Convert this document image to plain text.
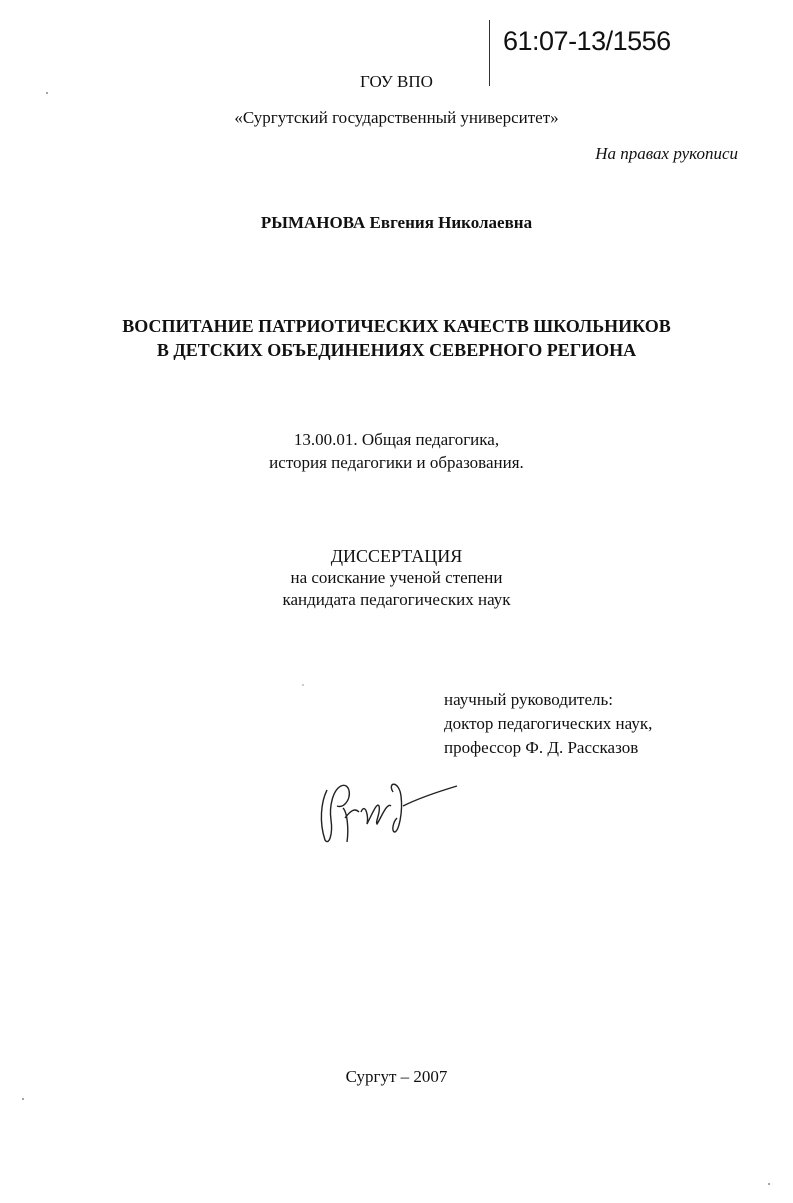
61:07-13/1556
ГОУ ВПО
«Сургутский государственный университет»
На правах рукописи
РЫМАНОВА Евгения Николаевна
ВОСПИТАНИЕ ПАТРИОТИЧЕСКИХ КАЧЕСТВ ШКОЛЬНИКОВ
В ДЕТСКИХ ОБЪЕДИНЕНИЯХ СЕВЕРНОГО РЕГИОНА
13.00.01. Общая педагогика,
история педагогики и образования.
ДИССЕРТАЦИЯ
на соискание ученой степени
кандидата педагогических наук
научный руководитель:
доктор педагогических наук,
профессор Ф. Д. Рассказов
Сургут – 2007
